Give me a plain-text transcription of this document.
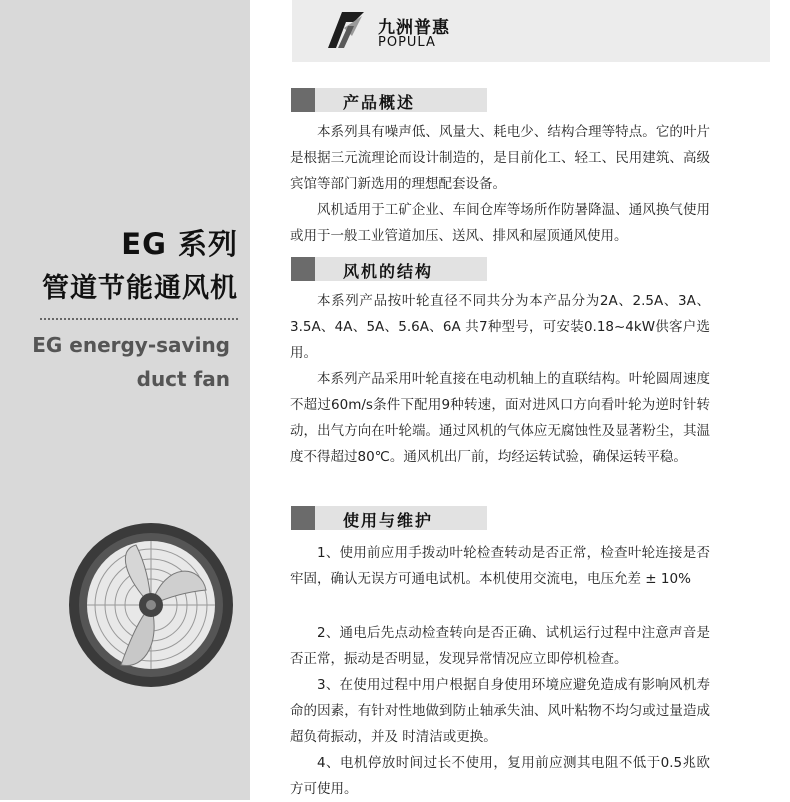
EG 系列
管道节能通风机
EG energy-saving
duct fan
九洲普惠
POPULA
产品概述
本系列具有噪声低、风量大、耗电少、结构合理等特点。它的叶片是根据三元流理论而设计制造的，是目前化工、轻工、民用建筑、高级宾馆等部门新选用的理想配套设备。
风机适用于工矿企业、车间仓库等场所作防暑降温、通风换气使用或用于一般工业管道加压、送风、排风和屋顶通风使用。
风机的结构
本系列产品按叶轮直径不同共分为本产品分为2A、2.5A、3A、3.5A、4A、5A、5.6A、6A 共7种型号，可安装0.18~4kW供客户选用。
本系列产品采用叶轮直接在电动机轴上的直联结构。叶轮圆周速度不超过60m/s条件下配用9种转速，面对进风口方向看叶轮为逆时针转动，出气方向在叶轮端。通过风机的气体应无腐蚀性及显著粉尘，其温度不得超过80℃。通风机出厂前，均经运转试验，确保运转平稳。
使用与维护
1、使用前应用手拨动叶轮检查转动是否正常，检查叶轮连接是否牢固，确认无误方可通电试机。本机使用交流电，电压允差 ± 10%
2、通电后先点动检查转向是否正确、试机运行过程中注意声音是否正常，振动是否明显，发现异常情况应立即停机检查。
3、在使用过程中用户根据自身使用环境应避免造成有影响风机寿命的因素，有针对性地做到防止轴承失油、风叶粘物不均匀或过量造成超负荷振动，并及 时清洁或更换。
4、电机停放时间过长不使用，复用前应测其电阻不低于0.5兆欧方可使用。
